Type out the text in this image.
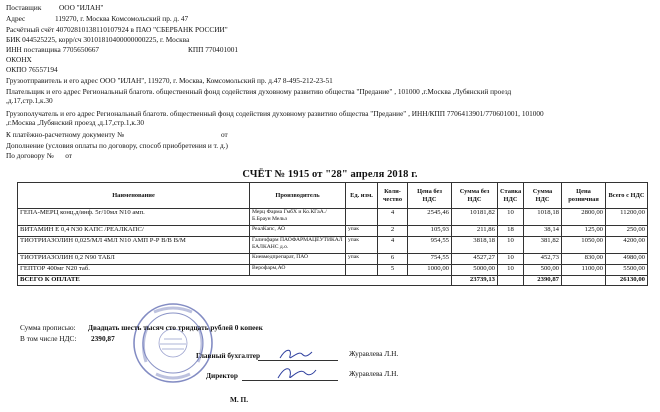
Поставщик ООО "ИЛАН"
Адрес	119270, г. Москва Комсомольский пр. д. 47
Расчётный счёт 40702810138110107924 в ПАО "СБЕРБАНК РОССИИ"
БИК 044525225, корр/сч 30101810400000000225, г. Москва
ИНН поставщика 7705650667	КПП 770401001
ОКОНХ
ОКПО 76557194
Грузоотправитель и его адрес ООО "ИЛАН", 119270, г. Москва, Комсомольский пр. д.47 8-495-212-23-51
Плательщик и его адрес Региональный благотв. общественный фонд содействия духовному развитию общества "Предание" , 101000 ,г.Москва ,Лубянский проезд
,д.17,стр.1,к.30
Грузополучатель и его адрес Региональный благотв. общественный фонд содействия духовному развитию общества "Предание" , ИНН/КПП 7706413901/770601001, 101000
,г.Москва ,Лубянский проезд ,д.17,стр.1,к.30
К платёжно-расчетному документу №	от
Дополнение (условия оплаты по договору, способ приобретения и т. д.)
По договору № от
СЧЁТ № 1915 от "28" апреля 2018 г.
Наименование	Производитель	Ед. изм.	Коли-чество	Цена без НДС	Сумма без НДС	Ставка НДС	Сумма НДС	Цена розничная	Всего с НДС
ГЕПА-МЕРЦ конц.д/инф. 5г/10мл N10 амп.	Мерц Фарма ГмбХ и Ко.КГаА./Б.Браун Мельз		4	2545,46	10181,82	10	1018,18	2800,00	11200,00
ВИТАМИН Е 0,4 N30 КАПС /РЕАЛКАПС/	РеалКапс, АО	упак	2	105,93	211,86	18	38,14	125,00	250,00
ТИОТРИАЗОЛИН 0,025/МЛ 4МЛ N10 АМП Р-Р В/В В/М	Галичфарм ПАОФАРМАЦЕУТИКАЛ БАЛКАНС д.о.	упак	4	954,55	3818,18	10	381,82	1050,00	4200,00
ТИОТРИАЗОЛИН 0,2 N90 ТАБЛ	Киевмедпрепарат, ПАО	упак	6	754,55	4527,27	10	452,73	830,00	4980,00
ГЕПТОР 400мг N20 таб.	Верофарм,АО		5	1000,00	5000,00	10	500,00	1100,00	5500,00
ВСЕГО К ОПЛАТЕ					23739,13		2390,87		26130,00
Сумма прописью: Двадцать шесть тысяч сто тридцать рублей 0 копеек
В том числе НДС: 2390,87
Главный бухгалтер	Журавлева Л.Н.
Директор	Журавлева Л.Н.
М. П.
